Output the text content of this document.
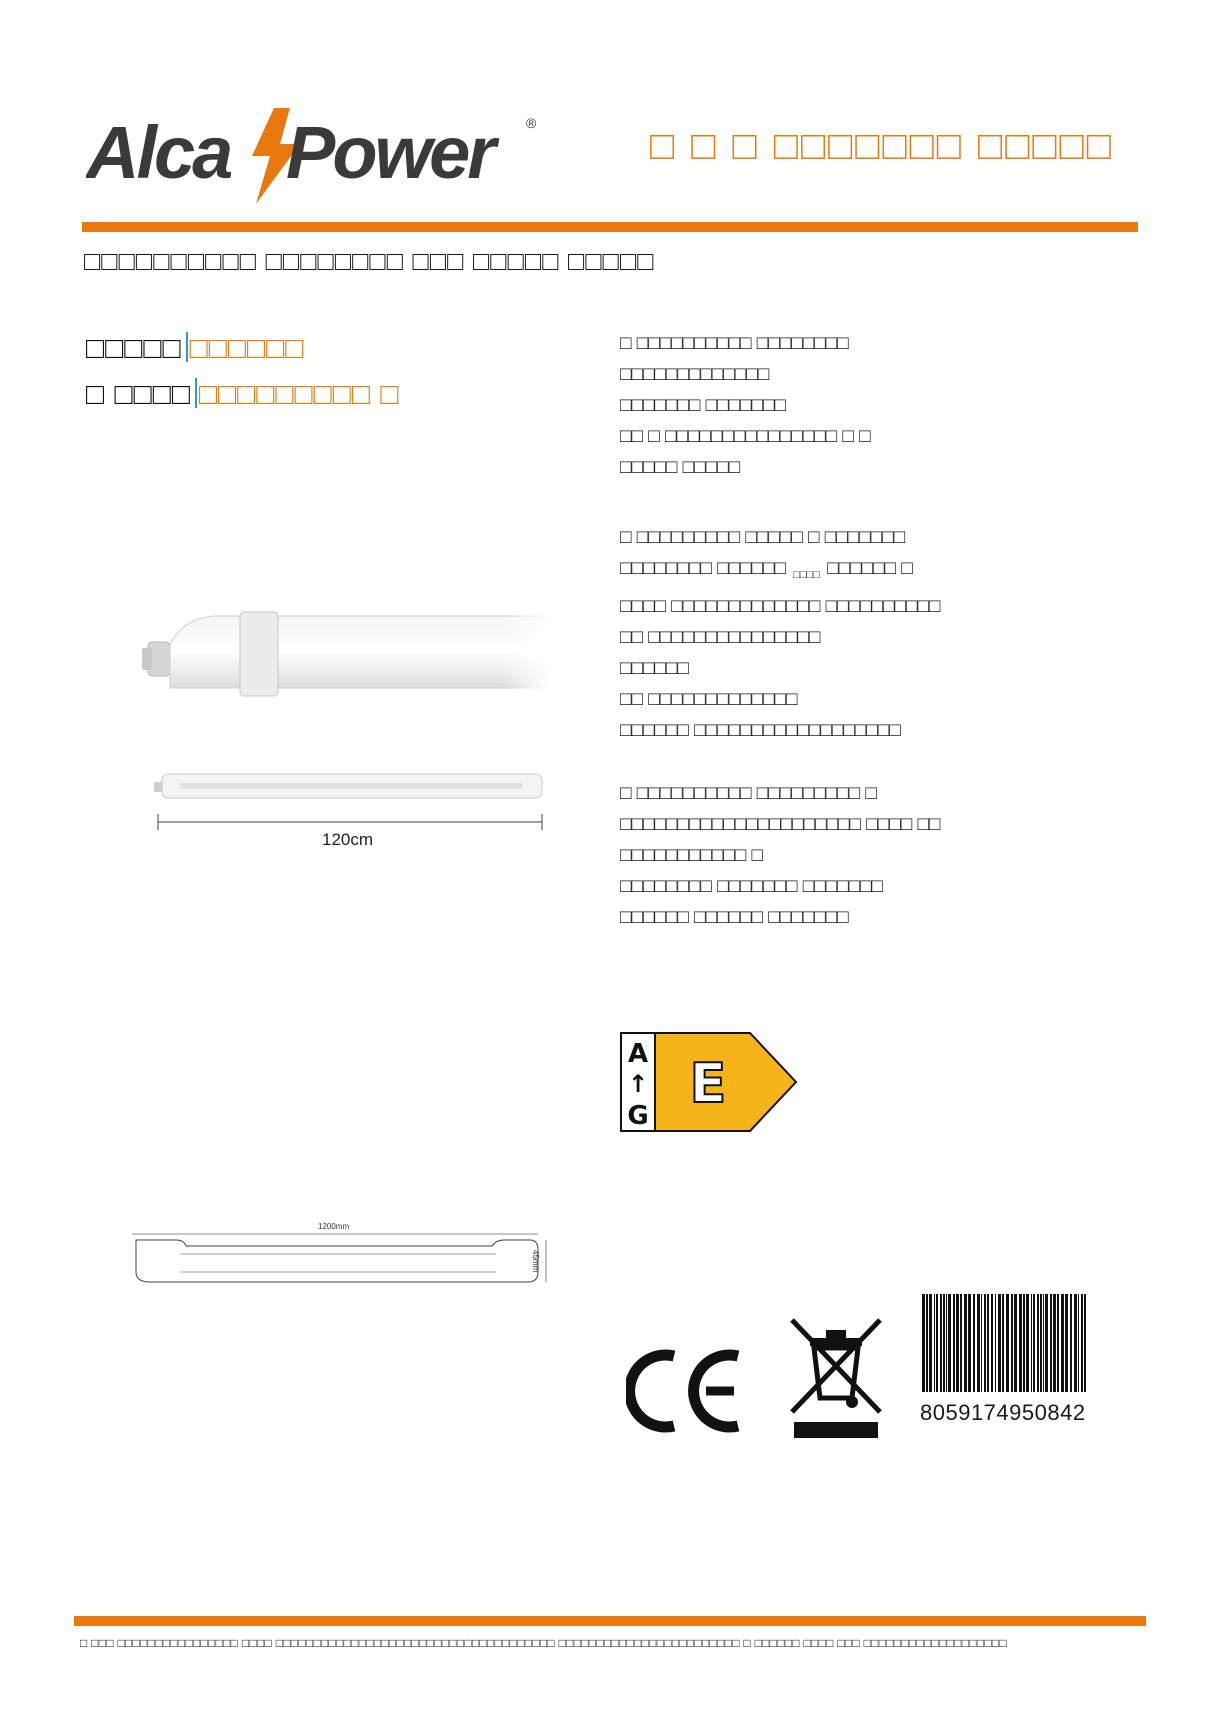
Alca Power	®
□ □ □ □□□□□□□ □□□□□
□□□□□□□□□□ □□□□□□□□ □□□ □□□□□ □□□□□
□□□□□ □□□□□□
□ □□□□ □□□□□□□□□ □

□ □□□□□□□□□□ □□□□□□□□

□□□□□□□□□□□□□

□□□□□□□ □□□□□□□

□□ □ □□□□□□□□□□□□□□□ □ □

□□□□□ □□□□□

□ □□□□□□□□□ □□□□□ □ □□□□□□□

□□□□□□□□ □□□□□□ $_{□□□□}$ □□□□□□ □

□□□□ □□□□□□□□□□□□□ □□□□□□□□□□

□□ □□□□□□□□□□□□□□□

□□□□□□

□□ □□□□□□□□□□□□□

□□□□□□ □□□□□□□□□□□□□□□□□□

□ □□□□□□□□□□ □□□□□□□□□ □

□□□□□□□□□□□□□□□□□□□□□ □□□□ □□

□□□□□□□□□□□ □

□□□□□□□□ □□□□□□□ □□□□□□□

□□□□□□ □□□□□□ □□□□□□□

120cm
1200mm
45mm
A
↑
G
E
8059174950842
□ □□□ □□□□□□□□□□□□□□□□ □□□□ □□□□□□□□□□□□□□□□□□□□□□□□□□□□□□□□□□□□□ □□□□□□□□□□□□□□□□□□□□□□□□ □ □□□□□□ □□□□ □□□ □□□□□□□□□□□□□□□□□□□
